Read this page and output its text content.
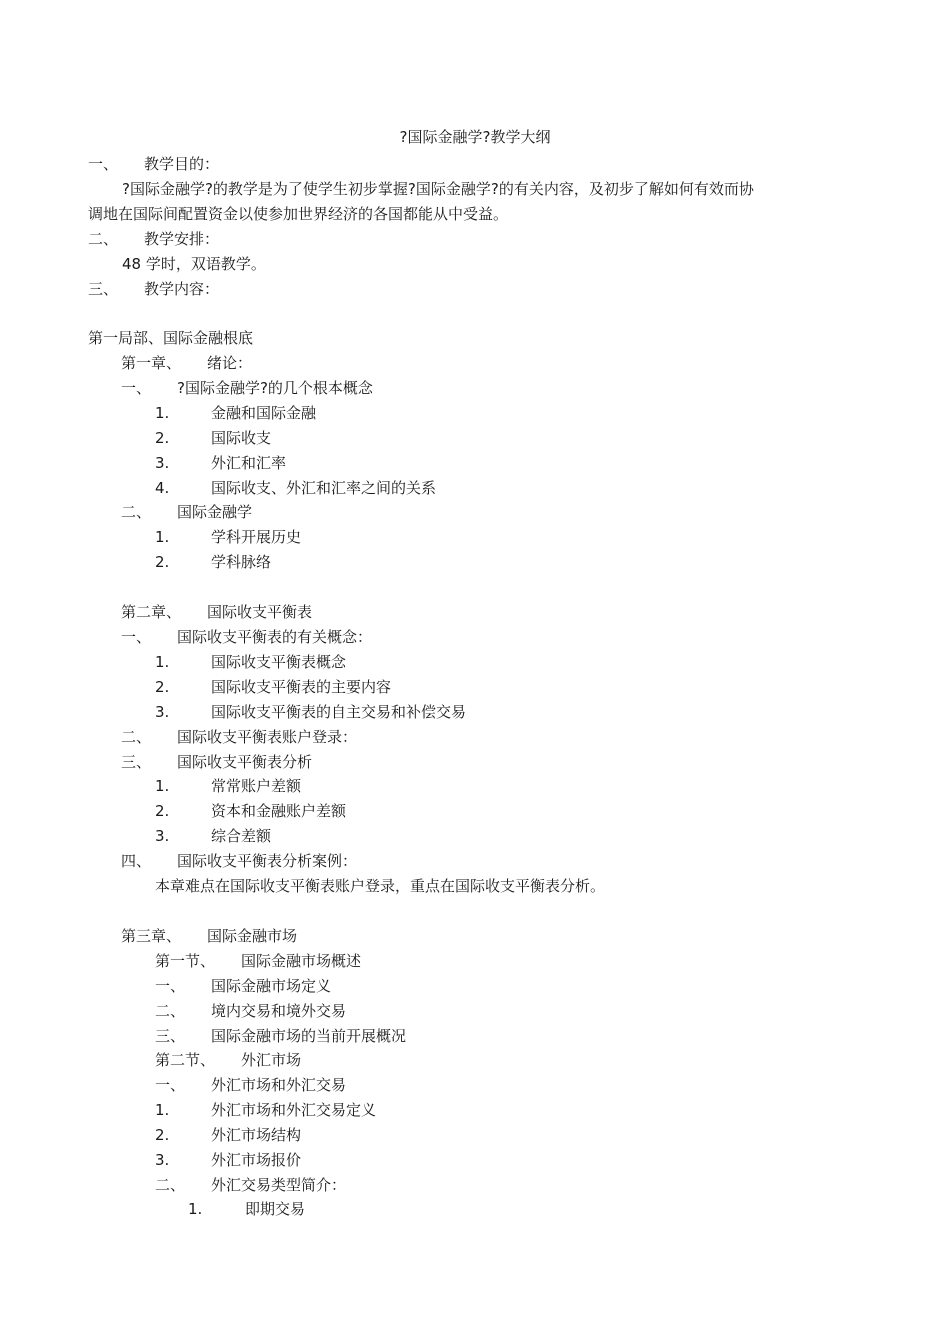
?国际金融学?教学大纲
一、 教学目的：
?国际金融学?的教学是为了使学生初步掌握?国际金融学?的有关内容，及初步了解如何有效而协
调地在国际间配置资金以使参加世界经济的各国都能从中受益。
二、 教学安排：
48 学时，双语教学。
三、 教学内容：
第一局部、国际金融根底
第一章、 绪论：
一、 ?国际金融学?的几个根本概念
1.	金融和国际金融
2.	国际收支
3.	外汇和汇率
4.	国际收支、外汇和汇率之间的关系
二、 国际金融学
1.	学科开展历史
2.	学科脉络
第二章、 国际收支平衡表
一、 国际收支平衡表的有关概念：
1.	国际收支平衡表概念
2.	国际收支平衡表的主要内容
3.	国际收支平衡表的自主交易和补偿交易
二、 国际收支平衡表账户登录：
三、 国际收支平衡表分析
1.	常常账户差额
2.	资本和金融账户差额
3.	综合差额
四、 国际收支平衡表分析案例：
本章难点在国际收支平衡表账户登录，重点在国际收支平衡表分析。
第三章、 国际金融市场
第一节、 国际金融市场概述
一、 国际金融市场定义
二、 境内交易和境外交易
三、 国际金融市场的当前开展概况
第二节、 外汇市场
一、 外汇市场和外汇交易
1.	外汇市场和外汇交易定义
2.	外汇市场结构
3.	外汇市场报价
二、 外汇交易类型简介：
1.	即期交易
